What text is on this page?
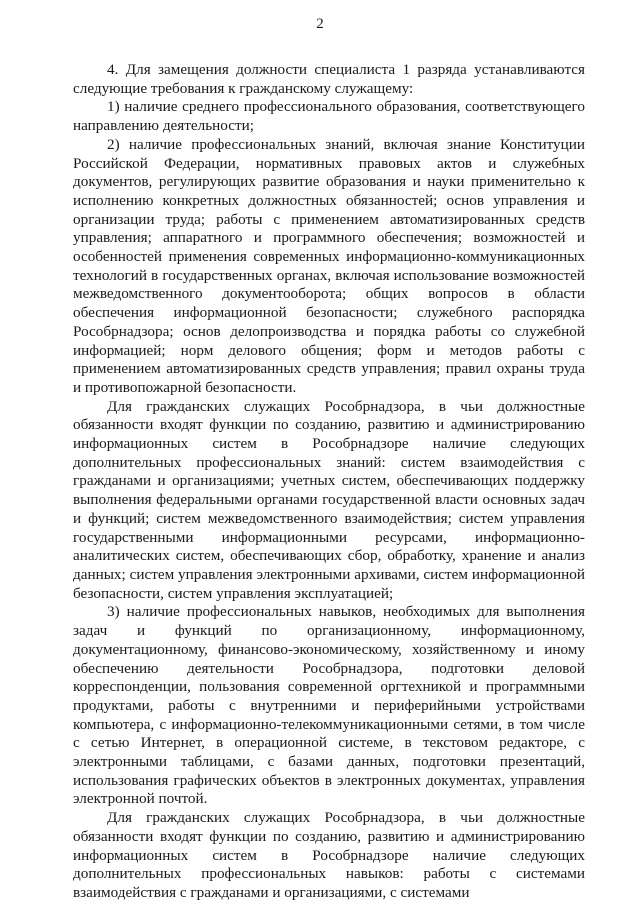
2

4. Для замещения должности специалиста 1 разряда устанавливаются следующие требования к гражданскому служащему:

1) наличие среднего профессионального образования, соответствующего направлению деятельности;

2) наличие профессиональных знаний, включая знание Конституции Российской Федерации, нормативных правовых актов и служебных документов, регулирующих развитие образования и науки применительно к исполнению конкретных должностных обязанностей; основ управления и организации труда; работы с применением автоматизированных средств управления; аппаратного и программного обеспечения; возможностей и особенностей применения современных информационно-коммуникационных технологий в государственных органах, включая использование возможностей межведомственного документооборота; общих вопросов в области обеспечения информационной безопасности; служебного распорядка Рособрнадзора; основ делопроизводства и порядка работы со служебной информацией; норм делового общения; форм и методов работы с применением автоматизированных средств управления; правил охраны труда и противопожарной безопасности.

Для гражданских служащих Рособрнадзора, в чьи должностные обязанности входят функции по созданию, развитию и администрированию информационных систем в Рособрнадзоре наличие следующих дополнительных профессиональных знаний: систем взаимодействия с гражданами и организациями; учетных систем, обеспечивающих поддержку выполнения федеральными органами государственной власти основных задач и функций; систем межведомственного взаимодействия; систем управления государственными информационными ресурсами, информационно-аналитических систем, обеспечивающих сбор, обработку, хранение и анализ данных; систем управления электронными архивами, систем информационной безопасности, систем управления эксплуатацией;

3) наличие профессиональных навыков, необходимых для выполнения задач и функций по организационному, информационному, документационному, финансово-экономическому, хозяйственному и иному обеспечению деятельности Рособрнадзора, подготовки деловой корреспонденции, пользования современной оргтехникой и программными продуктами, работы с внутренними и периферийными устройствами компьютера, с информационно-телекоммуникационными сетями, в том числе с сетью Интернет, в операционной системе, в текстовом редакторе, с электронными таблицами, с базами данных, подготовки презентаций, использования графических объектов в электронных документах, управления электронной почтой.

Для гражданских служащих Рособрнадзора, в чьи должностные обязанности входят функции по созданию, развитию и администрированию информационных систем в Рособрнадзоре наличие следующих дополнительных профессиональных навыков: работы с системами взаимодействия с гражданами и организациями, с системами
